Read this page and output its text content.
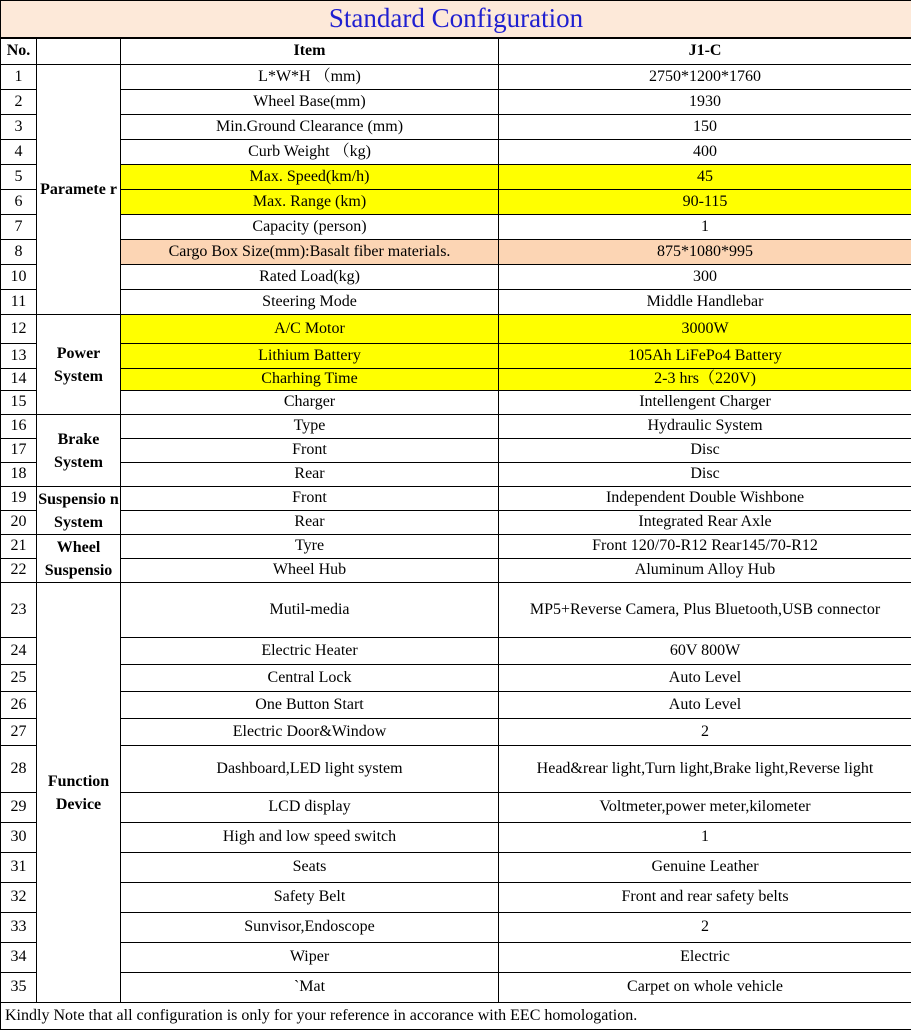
Standard Configuration			
No.		Item	J1-C
1	Paramete r	L*W*H （mm)	2750*1200*1760
2		Wheel Base(mm)	1930
3		Min.Ground Clearance (mm)	150
4		Curb Weight （kg)	400
5		Max. Speed(km/h)	45
6		Max. Range (km)	90-115
7		Capacity (person)	1
8		Cargo Box Size(mm):Basalt fiber materials.	875*1080*995
10		Rated Load(kg)	300
11		Steering Mode	Middle Handlebar
12	Power System	A/C Motor	3000W
13		Lithium Battery	105Ah LiFePo4 Battery
14		Charhing Time	2-3 hrs（220V)
15		Charger	Intellengent Charger
16	Brake System	Type	Hydraulic System
17		Front	Disc
18		Rear	Disc
19	Suspensio n System	Front	Independent Double Wishbone
20		Rear	Integrated Rear Axle
21	Wheel Suspensio	Tyre	Front 120/70-R12 Rear145/70-R12
22		Wheel Hub	Aluminum Alloy Hub
23	Function Device	Mutil-media	MP5+Reverse Camera, Plus Bluetooth,USB connector
24		Electric Heater	60V 800W
25		Central Lock	Auto Level
26		One Button Start	Auto Level
27		Electric Door&Window	2
28		Dashboard,LED light system	Head&rear light,Turn light,Brake light,Reverse light
29		LCD display	Voltmeter,power meter,kilometer
30		High and low speed switch	1
31		Seats	Genuine Leather
32		Safety Belt	Front and rear safety belts
33		Sunvisor,Endoscope	2
34		Wiper	Electric
35		`Mat	Carpet on whole vehicle
Kindly Note that all configuration is only for your reference in accorance with EEC homologation.			
